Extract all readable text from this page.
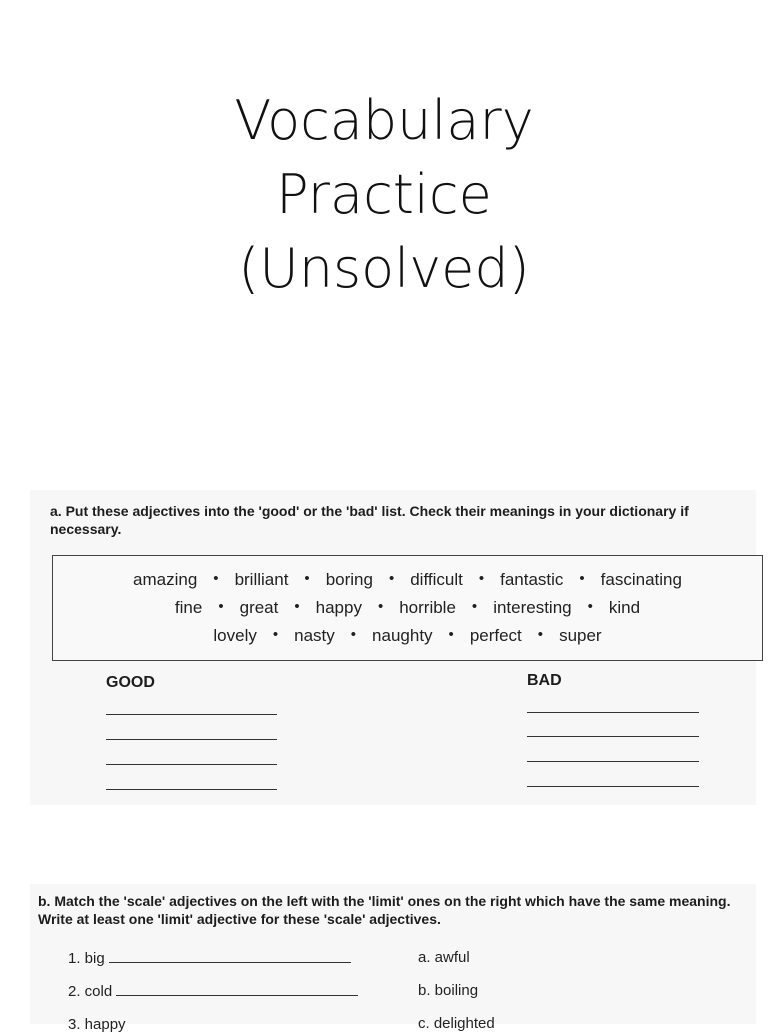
Vocabulary
Practice
(Unsolved)
a. Put these adjectives into the 'good' or the 'bad' list. Check their meanings in your dictionary if necessary.
amazing • brilliant • boring • difficult • fantastic • fascinating
fine • great • happy • horrible • interesting • kind
lovely • nasty • naughty • perfect • super
GOOD	BAD
b. Match the 'scale' adjectives on the left with the 'limit' ones on the right which have the same meaning. Write at least one 'limit' adjective for these 'scale' adjectives.
1. big
2. cold
3. happy
a. awful
b. boiling
c. delighted
